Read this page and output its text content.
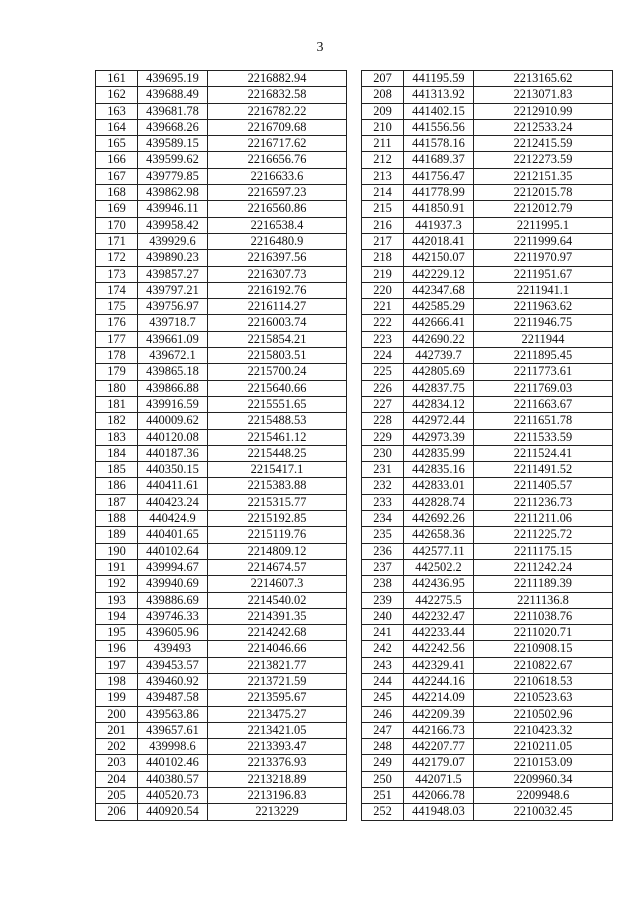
3
161	439695.19	2216882.94
162	439688.49	2216832.58
163	439681.78	2216782.22
164	439668.26	2216709.68
165	439589.15	2216717.62
166	439599.62	2216656.76
167	439779.85	2216633.6
168	439862.98	2216597.23
169	439946.11	2216560.86
170	439958.42	2216538.4
171	439929.6	2216480.9
172	439890.23	2216397.56
173	439857.27	2216307.73
174	439797.21	2216192.76
175	439756.97	2216114.27
176	439718.7	2216003.74
177	439661.09	2215854.21
178	439672.1	2215803.51
179	439865.18	2215700.24
180	439866.88	2215640.66
181	439916.59	2215551.65
182	440009.62	2215488.53
183	440120.08	2215461.12
184	440187.36	2215448.25
185	440350.15	2215417.1
186	440411.61	2215383.88
187	440423.24	2215315.77
188	440424.9	2215192.85
189	440401.65	2215119.76
190	440102.64	2214809.12
191	439994.67	2214674.57
192	439940.69	2214607.3
193	439886.69	2214540.02
194	439746.33	2214391.35
195	439605.96	2214242.68
196	439493	2214046.66
197	439453.57	2213821.77
198	439460.92	2213721.59
199	439487.58	2213595.67
200	439563.86	2213475.27
201	439657.61	2213421.05
202	439998.6	2213393.47
203	440102.46	2213376.93
204	440380.57	2213218.89
205	440520.73	2213196.83
206	440920.54	2213229
207	441195.59	2213165.62
208	441313.92	2213071.83
209	441402.15	2212910.99
210	441556.56	2212533.24
211	441578.16	2212415.59
212	441689.37	2212273.59
213	441756.47	2212151.35
214	441778.99	2212015.78
215	441850.91	2212012.79
216	441937.3	2211995.1
217	442018.41	2211999.64
218	442150.07	2211970.97
219	442229.12	2211951.67
220	442347.68	2211941.1
221	442585.29	2211963.62
222	442666.41	2211946.75
223	442690.22	2211944
224	442739.7	2211895.45
225	442805.69	2211773.61
226	442837.75	2211769.03
227	442834.12	2211663.67
228	442972.44	2211651.78
229	442973.39	2211533.59
230	442835.99	2211524.41
231	442835.16	2211491.52
232	442833.01	2211405.57
233	442828.74	2211236.73
234	442692.26	2211211.06
235	442658.36	2211225.72
236	442577.11	2211175.15
237	442502.2	2211242.24
238	442436.95	2211189.39
239	442275.5	2211136.8
240	442232.47	2211038.76
241	442233.44	2211020.71
242	442242.56	2210908.15
243	442329.41	2210822.67
244	442244.16	2210618.53
245	442214.09	2210523.63
246	442209.39	2210502.96
247	442166.73	2210423.32
248	442207.77	2210211.05
249	442179.07	2210153.09
250	442071.5	2209960.34
251	442066.78	2209948.6
252	441948.03	2210032.45
